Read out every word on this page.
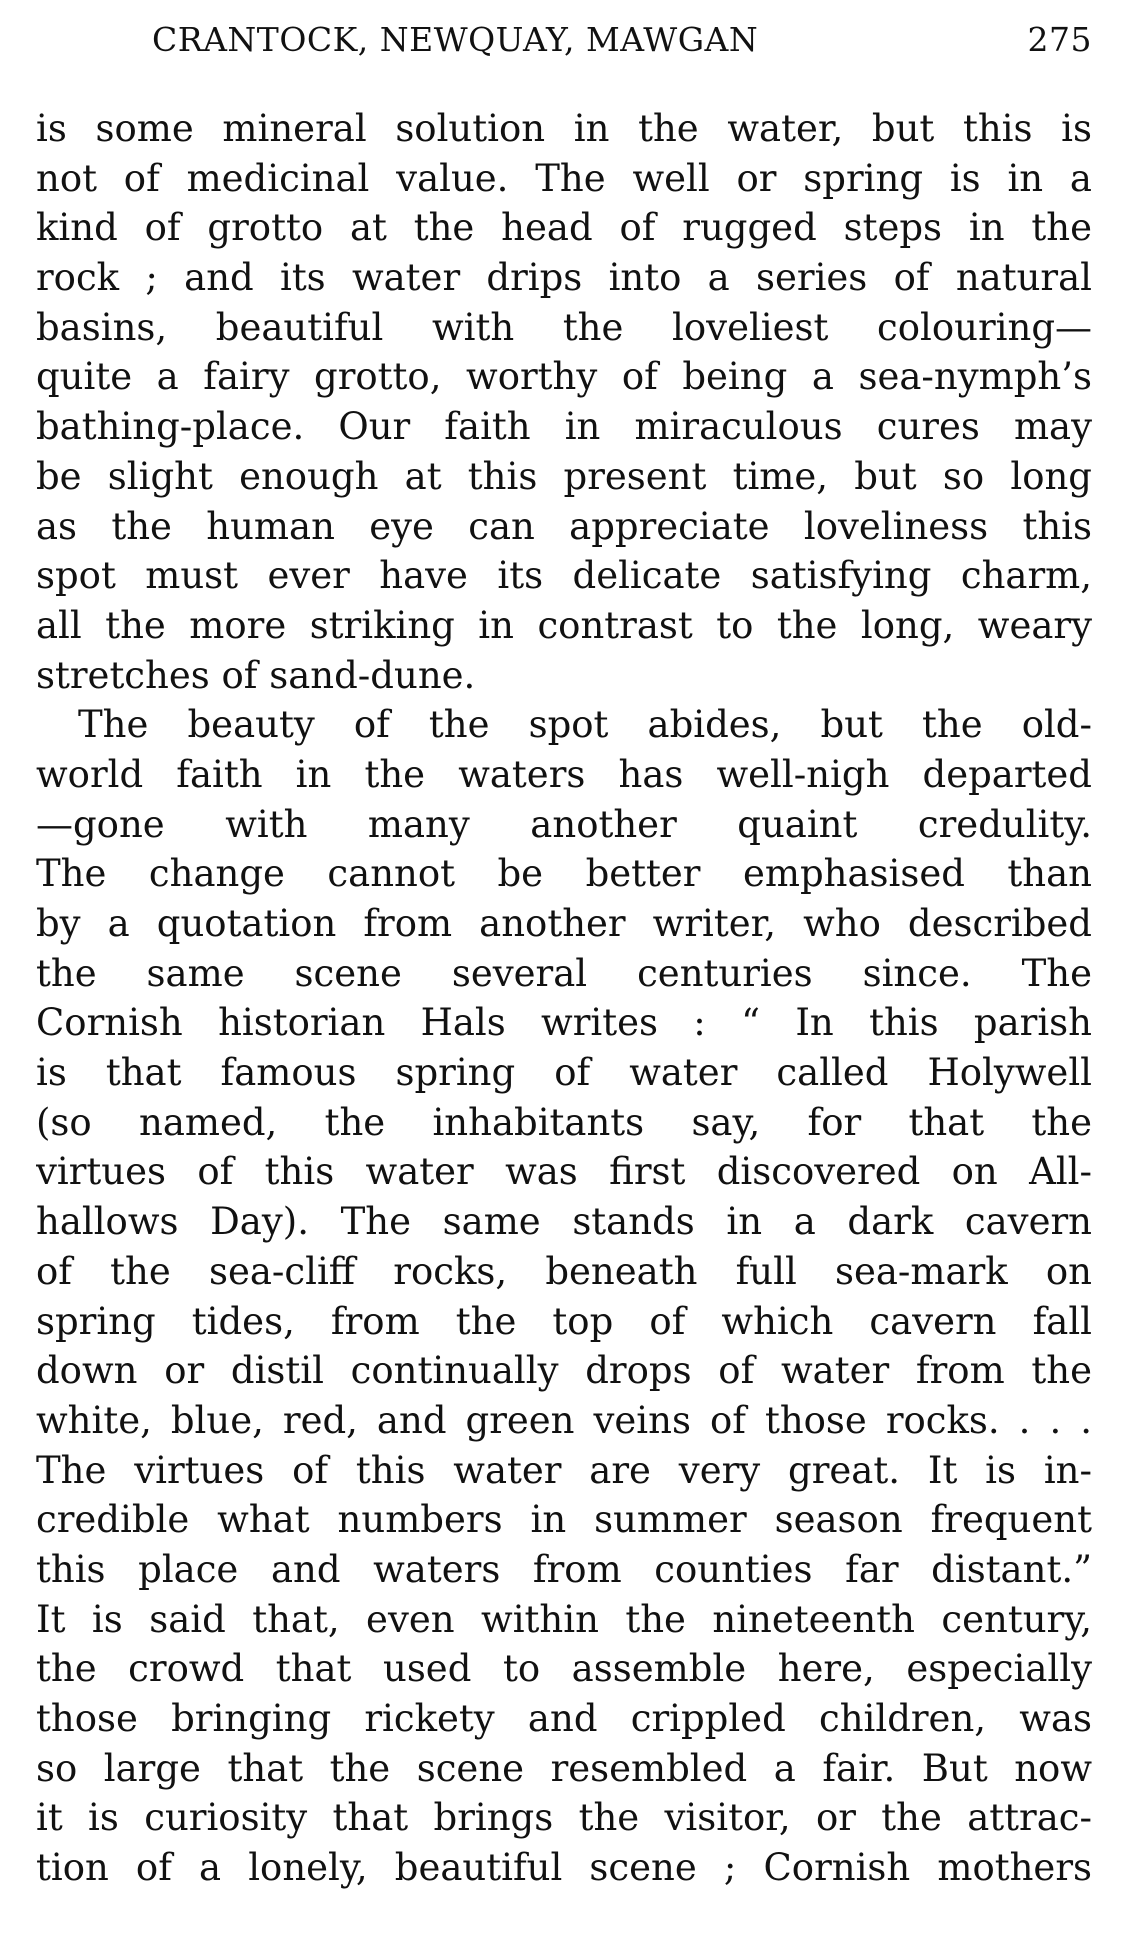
CRANTOCK, NEWQUAY, MAWGAN	275
is some mineral solution in the water, but this is
not of medicinal value. The well or spring is in a
kind of grotto at the head of rugged steps in the
rock ; and its water drips into a series of natural
basins, beautiful with the loveliest colouring—
quite a fairy grotto, worthy of being a sea-nymph’s
bathing-place. Our faith in miraculous cures may
be slight enough at this present time, but so long
as the human eye can appreciate loveliness this
spot must ever have its delicate satisfying charm,
all the more striking in contrast to the long, weary
stretches of sand-dune.
The beauty of the spot abides, but the old-
world faith in the waters has well-nigh departed
—gone with many another quaint credulity.
The change cannot be better emphasised than
by a quotation from another writer, who described
the same scene several centuries since. The
Cornish historian Hals writes : “ In this parish
is that famous spring of water called Holywell
(so named, the inhabitants say, for that the
virtues of this water was first discovered on All-
hallows Day). The same stands in a dark cavern
of the sea-cliff rocks, beneath full sea-mark on
spring tides, from the top of which cavern fall
down or distil continually drops of water from the
white, blue, red, and green veins of those rocks. . . .
The virtues of this water are very great. It is in-
credible what numbers in summer season frequent
this place and waters from counties far distant.”
It is said that, even within the nineteenth century,
the crowd that used to assemble here, especially
those bringing rickety and crippled children, was
so large that the scene resembled a fair. But now
it is curiosity that brings the visitor, or the attrac-
tion of a lonely, beautiful scene ; Cornish mothers
